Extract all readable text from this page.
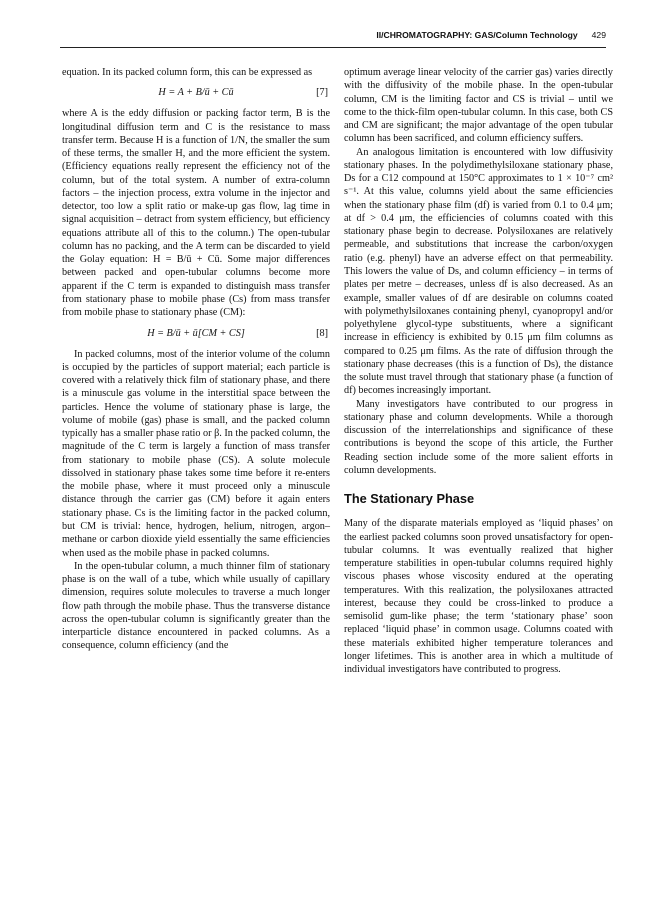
II/CHROMATOGRAPHY: GAS/Column Technology 429

equation. In its packed column form, this can be expressed as

H = A + B/ū + Cū	[7]

where A is the eddy diffusion or packing factor term, B is the longitudinal diffusion term and C is the resistance to mass transfer term. Because H is a function of 1/N, the smaller the sum of these terms, the smaller H, and the more efficient the system. (Efficiency equations really represent the efficiency not of the column, but of the total system. A number of extra-column factors – the injection process, extra volume in the injector and detector, too low a split ratio or make-up gas flow, lag time in signal acquisition – detract from system efficiency, but efficiency equations attribute all of this to the column.) The open-tubular column has no packing, and the A term can be discarded to yield the Golay equation: H = B/ū + Cū. Some major differences between packed and open-tubular columns become more apparent if the C term is expanded to distinguish mass transfer from stationary phase to mobile phase (Cs) from mass transfer from mobile phase to stationary phase (CM):

H = B/ū + ū[CM + CS]	[8]

In packed columns, most of the interior volume of the column is occupied by the particles of support material; each particle is covered with a relatively thick film of stationary phase, and there is a minuscule gas volume in the interstitial space between the particles. Hence the volume of stationary phase is large, the volume of mobile (gas) phase is small, and the packed column typically has a smaller phase ratio or β. In the packed column, the magnitude of the C term is largely a function of mass transfer from stationary to mobile phase (CS). A solute molecule dissolved in stationary phase takes some time before it re-enters the mobile phase, where it must proceed only a minuscule distance through the carrier gas (CM) before it again enters stationary phase. Cs is the limiting factor in the packed column, but CM is trivial: hence, hydrogen, helium, nitrogen, argon–methane or carbon dioxide yield essentially the same efficiencies when used as the mobile phase in packed columns.

In the open-tubular column, a much thinner film of stationary phase is on the wall of a tube, which while usually of capillary dimension, requires solute molecules to traverse a much longer flow path through the mobile phase. Thus the transverse distance across the open-tubular column is significantly greater than the interparticle distance encountered in packed columns. As a consequence, column efficiency (and the

optimum average linear velocity of the carrier gas) varies directly with the diffusivity of the mobile phase. In the open-tubular column, CM is the limiting factor and CS is trivial – until we come to the thick-film open-tubular column. In this case, both CS and CM are significant; the major advantage of the open tubular column has been sacrificed, and column efficiency suffers.

An analogous limitation is encountered with low diffusivity stationary phases. In the polydimethylsiloxane stationary phase, Ds for a C12 compound at 150°C approximates to 1 × 10⁻⁷ cm² s⁻¹. At this value, columns yield about the same efficiencies when the stationary phase film (df) is varied from 0.1 to 0.4 μm; at df > 0.4 μm, the efficiencies of columns coated with this stationary phase begin to decrease. Polysiloxanes are relatively permeable, and substitutions that increase the carbon/oxygen ratio (e.g. phenyl) have an adverse effect on that permeability. This lowers the value of Ds, and column efficiency – in terms of plates per metre – decreases, unless df is also decreased. As an example, smaller values of df are desirable on columns coated with polymethylsiloxanes containing phenyl, cyanopropyl and/or polyethylene glycol-type substituents, where a significant increase in efficiency is exhibited by 0.15 μm film columns as compared to 0.25 μm films. As the rate of diffusion through the stationary phase decreases (this is a function of Ds), the distance the solute must travel through that stationary phase (a function of df) becomes increasingly important.

Many investigators have contributed to our progress in stationary phase and column developments. While a thorough discussion of the interrelationships and significance of these contributions is beyond the scope of this article, the Further Reading section include some of the more salient efforts in column developments.

The Stationary Phase

Many of the disparate materials employed as ‘liquid phases’ on the earliest packed columns soon proved unsatisfactory for open-tubular columns. It was eventually realized that higher temperature stabilities in open-tubular columns required highly viscous phases whose viscosity endured at the operating temperatures. With this realization, the polysiloxanes attracted interest, because they could be cross-linked to produce a semisolid gum-like phase; the term ‘stationary phase’ soon replaced ‘liquid phase’ in common usage. Columns coated with these materials exhibited higher temperature tolerances and longer lifetimes. This is another area in which a multitude of individual investigators have contributed to progress.
